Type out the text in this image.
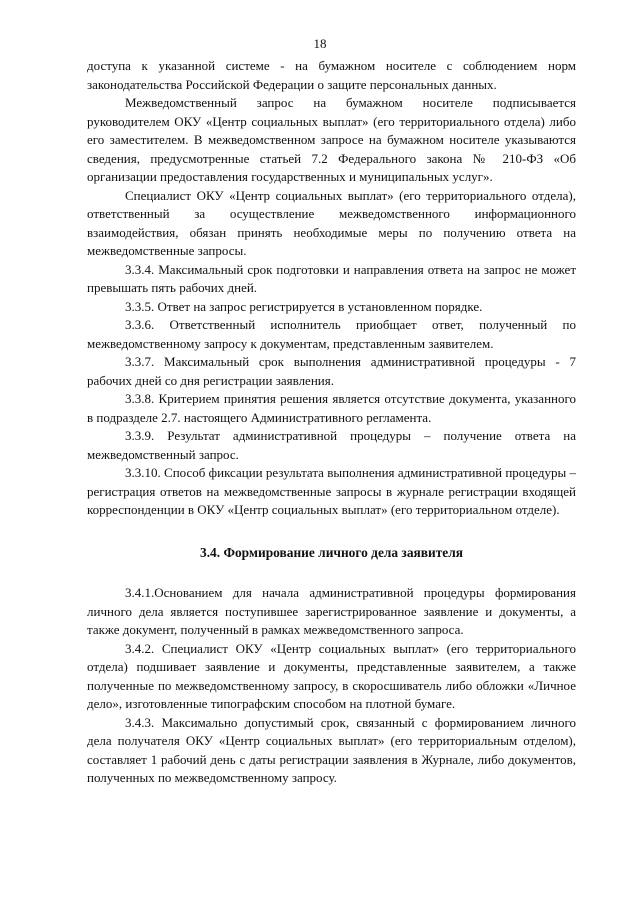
18

доступа к указанной системе - на бумажном носителе с соблюдением норм законодательства Российской Федерации о защите персональных данных.

Межведомственный запрос на бумажном носителе подписывается руководителем ОКУ «Центр социальных выплат» (его территориального отдела) либо его заместителем. В межведомственном запросе на бумажном носителе указываются сведения, предусмотренные статьей 7.2 Федерального закона № 210-ФЗ «Об организации предоставления государственных и муниципальных услуг».

Специалист ОКУ «Центр социальных выплат» (его территориального отдела), ответственный за осуществление межведомственного информационного взаимодействия, обязан принять необходимые меры по получению ответа на межведомственные запросы.

3.3.4. Максимальный срок подготовки и направления ответа на запрос не может превышать пять рабочих дней.

3.3.5. Ответ на запрос регистрируется в установленном порядке.

3.3.6. Ответственный исполнитель приобщает ответ, полученный по межведомственному запросу к документам, представленным заявителем.

3.3.7. Максимальный срок выполнения административной процедуры - 7 рабочих дней со дня регистрации заявления.

3.3.8. Критерием принятия решения является отсутствие документа, указанного в подразделе 2.7. настоящего Административного регламента.

3.3.9. Результат административной процедуры – получение ответа на межведомственный запрос.

3.3.10. Способ фиксации результата выполнения административной процедуры – регистрация ответов на межведомственные запросы в журнале регистрации входящей корреспонденции в ОКУ «Центр социальных выплат» (его территориальном отделе).

3.4. Формирование личного дела заявителя

3.4.1.Основанием для начала административной процедуры формирования личного дела является поступившее зарегистрированное заявление и документы, а также документ, полученный в рамках межведомственного запроса.

3.4.2. Специалист ОКУ «Центр социальных выплат» (его территориального отдела) подшивает заявление и документы, представленные заявителем, а также полученные по межведомственному запросу, в скоросшиватель либо обложки «Личное дело», изготовленные типографским способом на плотной бумаге.

3.4.3. Максимально допустимый срок, связанный с формированием личного дела получателя ОКУ «Центр социальных выплат» (его территориальным отделом), составляет 1 рабочий день с даты регистрации заявления в Журнале, либо документов, полученных по межведомственному запросу.
